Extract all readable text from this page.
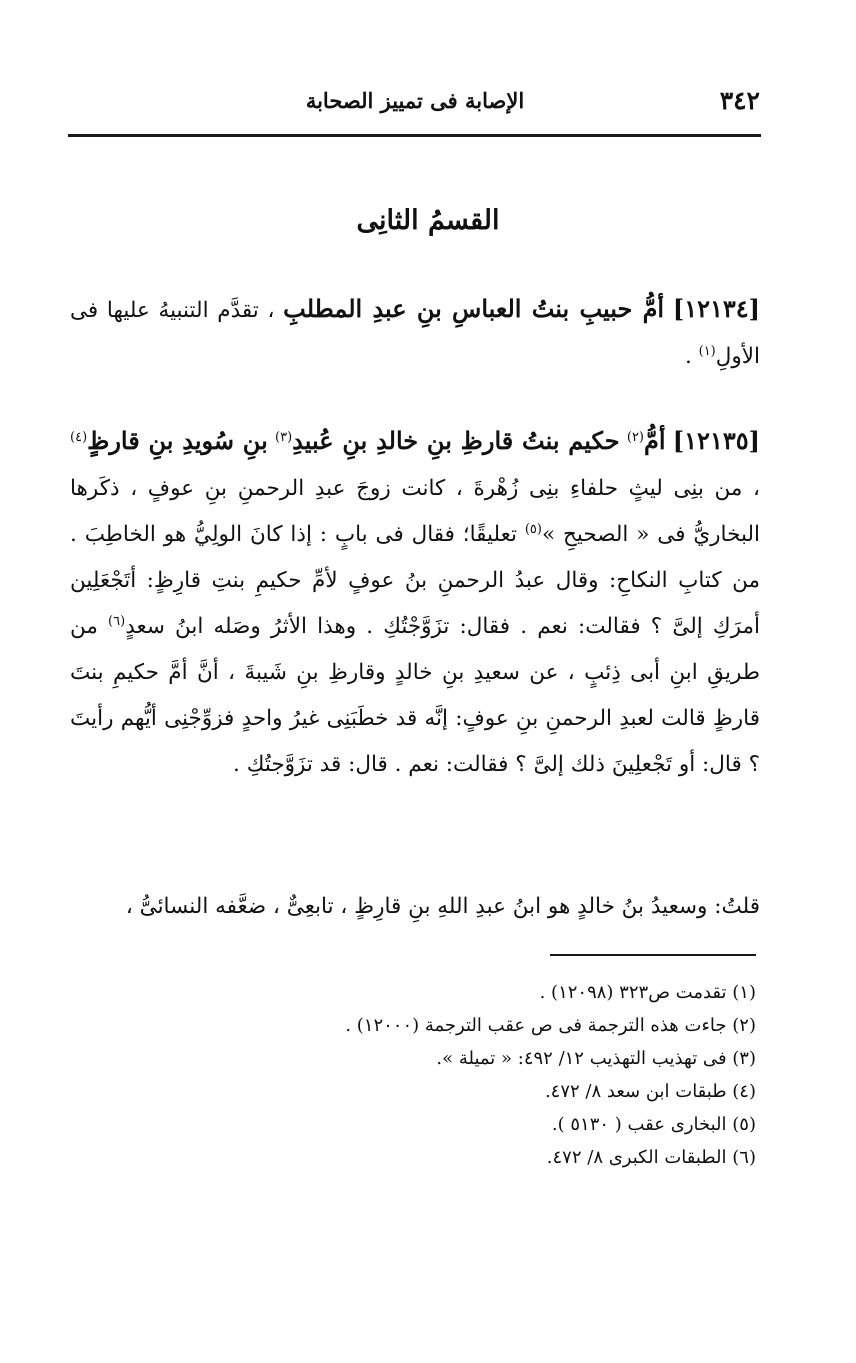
٣٤٢
الإصابة فى تمييز الصحابة
القسمُ الثانِى

[١٢١٣٤] أمُّ حبيبِ بنتُ العباسِ بنِ عبدِ المطلبِ ، تقدَّم التنبيهُ عليها فى الأولِ$^{(١)}$ .

[١٢١٣٥] أمُّ$^{(٢)}$ حكيم بنتُ قارظِ بنِ خالدِ بنِ عُبيدِ$^{(٣)}$ بنِ سُويدِ بنِ قارظٍ$^{(٤)}$ ، من بنِى ليثٍ حلفاءِ بنِى زُهْرةَ ، كانت زوجَ عبدِ الرحمنِ بنِ عوفٍ ، ذكَرها البخاريُّ فى « الصحيحِ »$^{(٥)}$ تعليقًا؛ فقال فى بابٍ : إذا كانَ الولِيُّ هو الخاطِبَ . من كتابِ النكاحِ: وقال عبدُ الرحمنِ بنُ عوفٍ لأمِّ حكيمِ بنتِ قارِظٍ: أتَجْعَلِين أمرَكِ إلىَّ ؟ فقالت: نعم . فقال: تزَوَّجْتُكِ . وهذا الأثرُ وصَله ابنُ سعدٍ$^{(٦)}$ من طريقِ ابنِ أبى ذِئبٍ ، عن سعيدِ بنِ خالدٍ وقارظِ بنِ شَيبةَ ، أنَّ أمَّ حكيمِ بنتَ قارظٍ قالت لعبدِ الرحمنِ بنِ عوفٍ: إنَّه قد خطَبَنِى غيرُ واحدٍ فزوِّجْنِى أيُّهم رأيتَ ؟ قال: أو تَجْعلِينَ ذلك إلىَّ ؟ فقالت: نعم . قال: قد تزَوَّجتُكِ .

قلتُ: وسعيدُ بنُ خالدٍ هو ابنُ عبدِ اللهِ بنِ قارِظٍ ، تابعِىٌّ ، ضعَّفه النسائىُّ ،

(١) تقدمت ص٣٢٣ (١٢٠٩٨) .
(٢) جاءت هذه الترجمة فى ص عقب الترجمة (١٢٠٠٠) .
(٣) فى تهذيب التهذيب ١٢/ ٤٩٢: « تميلة ».
(٤) طبقات ابن سعد ٨/ ٤٧٢.
(٥) البخارى عقب ( ٥١٣٠ ).
(٦) الطبقات الكبرى ٨/ ٤٧٢.
